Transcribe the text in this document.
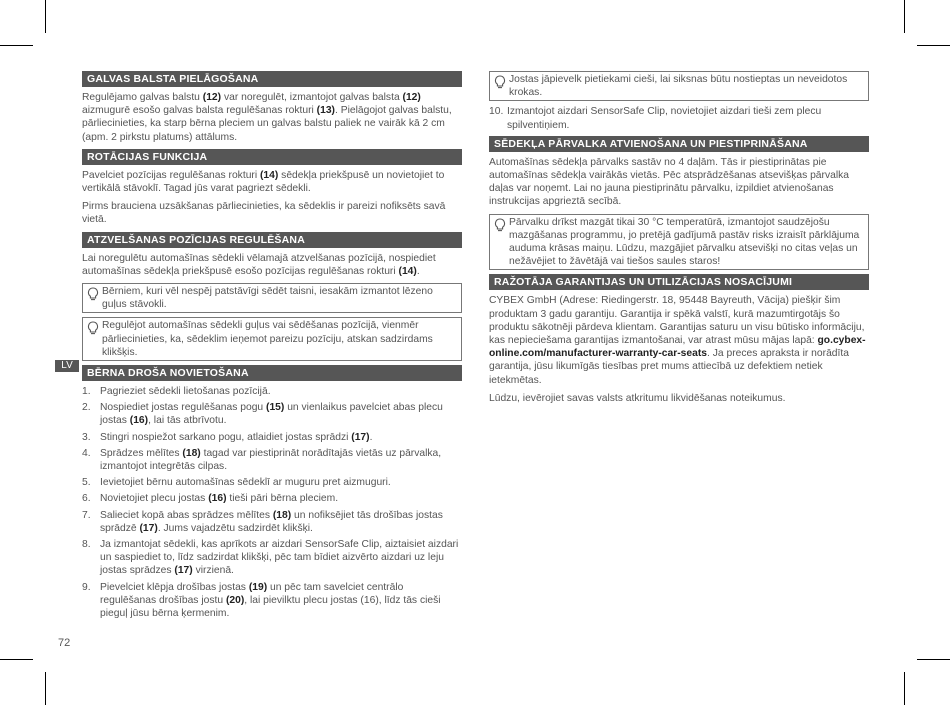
LV
72
GALVAS BALSTA PIELĀGOŠANA

Regulējamo galvas balstu (12) var noregulēt, izmantojot galvas balsta (12) aizmugurē esošo galvas balsta regulēšanas rokturi (13). Pielāgojot galvas balstu, pārliecinieties, ka starp bērna pleciem un galvas balstu paliek ne vairāk kā 2 cm (apm. 2 pirkstu platums) attālums.

ROTĀCIJAS FUNKCIJA

Pavelciet pozīcijas regulēšanas rokturi (14) sēdekļa priekšpusē un novietojiet to vertikālā stāvoklī. Tagad jūs varat pagriezt sēdekli.

Pirms brauciena uzsākšanas pārliecinieties, ka sēdeklis ir pareizi nofiksēts savā vietā.

ATZVELŠANAS POZĪCIJAS REGULĒŠANA

Lai noregulētu automašīnas sēdekli vēlamajā atzvelšanas pozīcijā, nospiediet automašīnas sēdekļa priekšpusē esošo pozīcijas regulēšanas rokturi (14).

Bērniem, kuri vēl nespēj patstāvīgi sēdēt taisni, iesakām izmantot lēzeno guļus stāvokli.
Regulējot automašīnas sēdekli guļus vai sēdēšanas pozīcijā, vienmēr pārliecinieties, ka, sēdeklim ieņemot pareizu pozīciju, atskan sadzirdams klikšķis.
BĒRNA DROŠA NOVIETOŠANA
1. Pagrieziet sēdekli lietošanas pozīcijā.
2. Nospiediet jostas regulēšanas pogu (15) un vienlaikus pavelciet abas plecu jostas (16), lai tās atbrīvotu.
3. Stingri nospiežot sarkano pogu, atlaidiet jostas sprādzi (17).
4. Sprādzes mēlītes (18) tagad var piestiprināt norādītajās vietās uz pārvalka, izmantojot integrētās cilpas.
5. Ievietojiet bērnu automašīnas sēdeklī ar muguru pret aizmuguri.
6. Novietojiet plecu jostas (16) tieši pāri bērna pleciem.
7. Salieciet kopā abas sprādzes mēlītes (18) un nofiksējiet tās drošības jostas sprādzē (17). Jums vajadzētu sadzirdēt klikšķi.
8. Ja izmantojat sēdekli, kas aprīkots ar aizdari SensorSafe Clip, aiztaisiet aizdari un saspiediet to, līdz sadzirdat klikšķi, pēc tam bīdiet aizvērto aizdari uz leju jostas sprādzes (17) virzienā.
9. Pievelciet klēpja drošības jostas (19) un pēc tam savelciet centrālo regulēšanas drošības jostu (20), lai pievilktu plecu jostas (16), līdz tās cieši pieguļ jūsu bērna ķermenim.
Jostas jāpievelk pietiekami cieši, lai siksnas būtu nostieptas un neveidotos krokas.
10. Izmantojot aizdari SensorSafe Clip, novietojiet aizdari tieši zem plecu spilventiņiem.
SĒDEKĻA PĀRVALKA ATVIENOŠANA UN PIESTIPRINĀŠANA

Automašīnas sēdekļa pārvalks sastāv no 4 daļām. Tās ir piestiprinātas pie automašīnas sēdekļa vairākās vietās. Pēc atsprādzēšanas atsevišķas pārvalka daļas var noņemt. Lai no jauna piestiprinātu pārvalku, izpildiet atvienošanas instrukcijas apgrieztā secībā.

Pārvalku drīkst mazgāt tikai 30 °C temperatūrā, izmantojot saudzējošu mazgāšanas programmu, jo pretējā gadījumā pastāv risks izraisīt pārklājuma auduma krāsas maiņu. Lūdzu, mazgājiet pārvalku atsevišķi no citas veļas un nežāvējiet to žāvētājā vai tiešos saules staros!
RAŽOTĀJA GARANTIJAS UN UTILIZĀCIJAS NOSACĪJUMI

CYBEX GmbH (Adrese: Riedingerstr. 18, 95448 Bayreuth, Vācija) piešķir šim produktam 3 gadu garantiju. Garantija ir spēkā valstī, kurā mazumtirgotājs šo produktu sākotnēji pārdeva klientam. Garantijas saturu un visu būtisko informāciju, kas nepieciešama garantijas izmantošanai, var atrast mūsu mājas lapā: go.cybex-online.com/manufacturer-warranty-car-seats. Ja preces apraksta ir norādīta garantija, jūsu likumīgās tiesības pret mums attiecībā uz defektiem netiek ietekmētas.

Lūdzu, ievērojiet savas valsts atkritumu likvidēšanas noteikumus.
